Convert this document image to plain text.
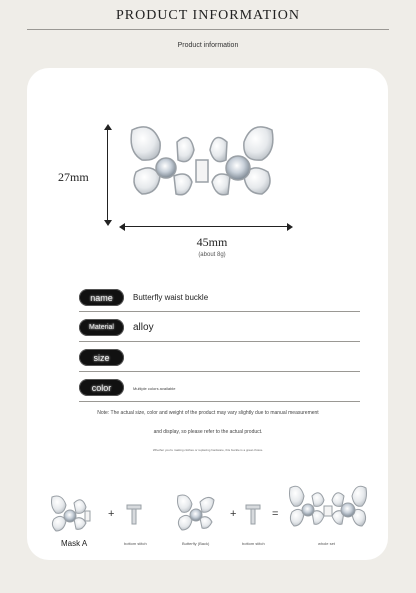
PRODUCT INFORMATION
Product information
27mm
45mm
(about 8g)
name	Butterfly waist buckle
Material alloy
size
color	Multiple colors available
Note: The actual size, color and weight of the product may vary slightly due to manual measurement
and display, so please refer to the actual product.
Whether you're making clothes or replacing hardware, this buckle is a great choice.
+	+	=
Mask A	bottom stitch	Butterfly (Back)	bottom stitch	whole set
